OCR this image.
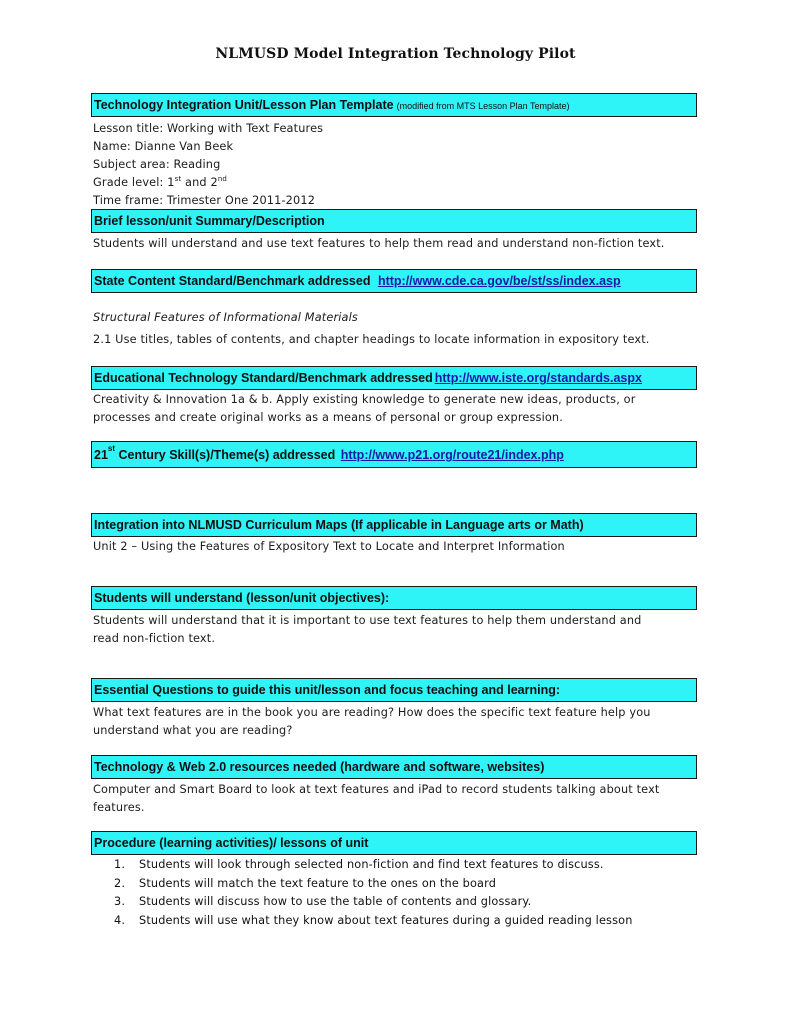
NLMUSD Model Integration Technology Pilot
Technology Integration Unit/Lesson Plan Template (modified from MTS Lesson Plan Template)
Lesson title: Working with Text Features
Name: Dianne Van Beek
Subject area: Reading
Grade level: 1st and 2nd
Time frame: Trimester One 2011-2012
Brief lesson/unit Summary/Description
Students will understand and use text features to help them read and understand non-fiction text.
State Content Standard/Benchmark addressed http://www.cde.ca.gov/be/st/ss/index.asp
Structural Features of Informational Materials
2.1 Use titles, tables of contents, and chapter headings to locate information in expository text.
Educational Technology Standard/Benchmark addressed http://www.iste.org/standards.aspx
Creativity & Innovation 1a & b. Apply existing knowledge to generate new ideas, products, or
processes and create original works as a means of personal or group expression.
21st Century Skill(s)/Theme(s) addressed http://www.p21.org/route21/index.php
Integration into NLMUSD Curriculum Maps (If applicable in Language arts or Math)
Unit 2 – Using the Features of Expository Text to Locate and Interpret Information
Students will understand (lesson/unit objectives):
Students will understand that it is important to use text features to help them understand and
read non-fiction text.
Essential Questions to guide this unit/lesson and focus teaching and learning:
What text features are in the book you are reading? How does the specific text feature help you
understand what you are reading?
Technology & Web 2.0 resources needed (hardware and software, websites)
Computer and Smart Board to look at text features and iPad to record students talking about text
features.
Procedure (learning activities)/ lessons of unit
1.	Students will look through selected non-fiction and find text features to discuss.
2.	Students will match the text feature to the ones on the board
3.	Students will discuss how to use the table of contents and glossary.
4.	Students will use what they know about text features during a guided reading lesson
